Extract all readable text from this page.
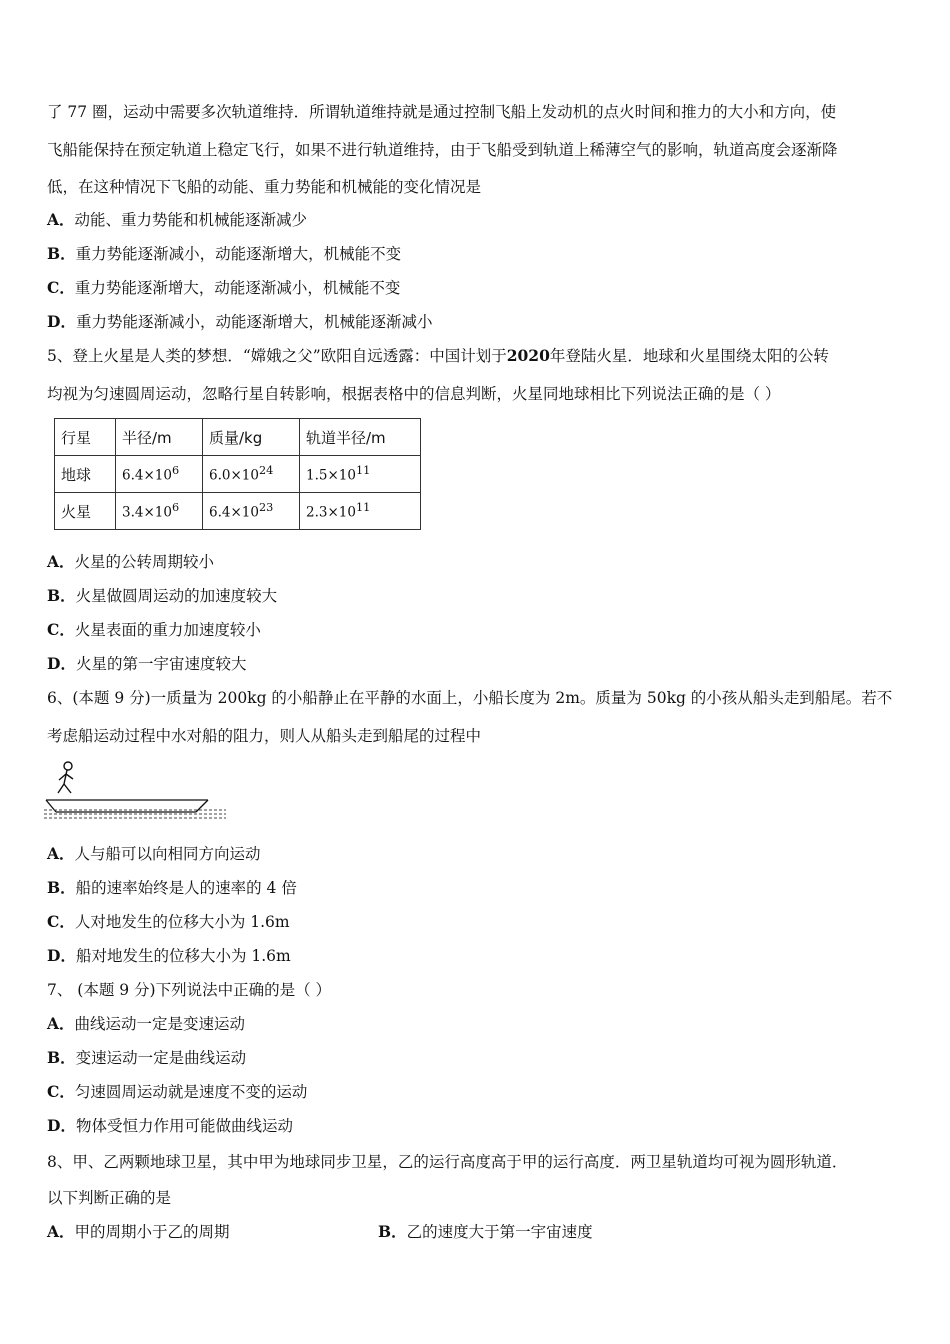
了 77 圈，运动中需要多次轨道维持．所谓轨道维持就是通过控制飞船上发动机的点火时间和推力的大小和方向，使
飞船能保持在预定轨道上稳定飞行，如果不进行轨道维持，由于飞船受到轨道上稀薄空气的影响，轨道高度会逐渐降
低，在这种情况下飞船的动能、重力势能和机械能的变化情况是
A．动能、重力势能和机械能逐渐减少
B．重力势能逐渐减小，动能逐渐增大，机械能不变
C．重力势能逐渐增大，动能逐渐减小，机械能不变
D．重力势能逐渐减小，动能逐渐增大，机械能逐渐减小
5、登上火星是人类的梦想．“嫦娥之父”欧阳自远透露：中国计划于2020年登陆火星．地球和火星围绕太阳的公转
均视为匀速圆周运动，忽略行星自转影响，根据表格中的信息判断，火星同地球相比下列说法正确的是（ ）
行星	半径/m	质量/kg	轨道半径/m
地球	$6.4\times 10^6$	$6.0\times 10^{24}$	$1.5\times 10^{11}$
火星	$3.4\times 10^6$	$6.4\times 10^{23}$	$2.3\times 10^{11}$
A．火星的公转周期较小
B．火星做圆周运动的加速度较大
C．火星表面的重力加速度较小
D．火星的第一宇宙速度较大
6、(本题 9 分)一质量为 200kg 的小船静止在平静的水面上，小船长度为 2m。质量为 50kg 的小孩从船头走到船尾。若不
考虑船运动过程中水对船的阻力，则人从船头走到船尾的过程中
A．人与船可以向相同方向运动
B．船的速率始终是人的速率的 4 倍
C．人对地发生的位移大小为 1.6m
D．船对地发生的位移大小为 1.6m
7、 (本题 9 分)下列说法中正确的是（ ）
A．曲线运动一定是变速运动
B．变速运动一定是曲线运动
C．匀速圆周运动就是速度不变的运动
D．物体受恒力作用可能做曲线运动
8、甲、乙两颗地球卫星，其中甲为地球同步卫星，乙的运行高度高于甲的运行高度．两卫星轨道均可视为圆形轨道．
以下判断正确的是
A．甲的周期小于乙的周期	B．乙的速度大于第一宇宙速度
